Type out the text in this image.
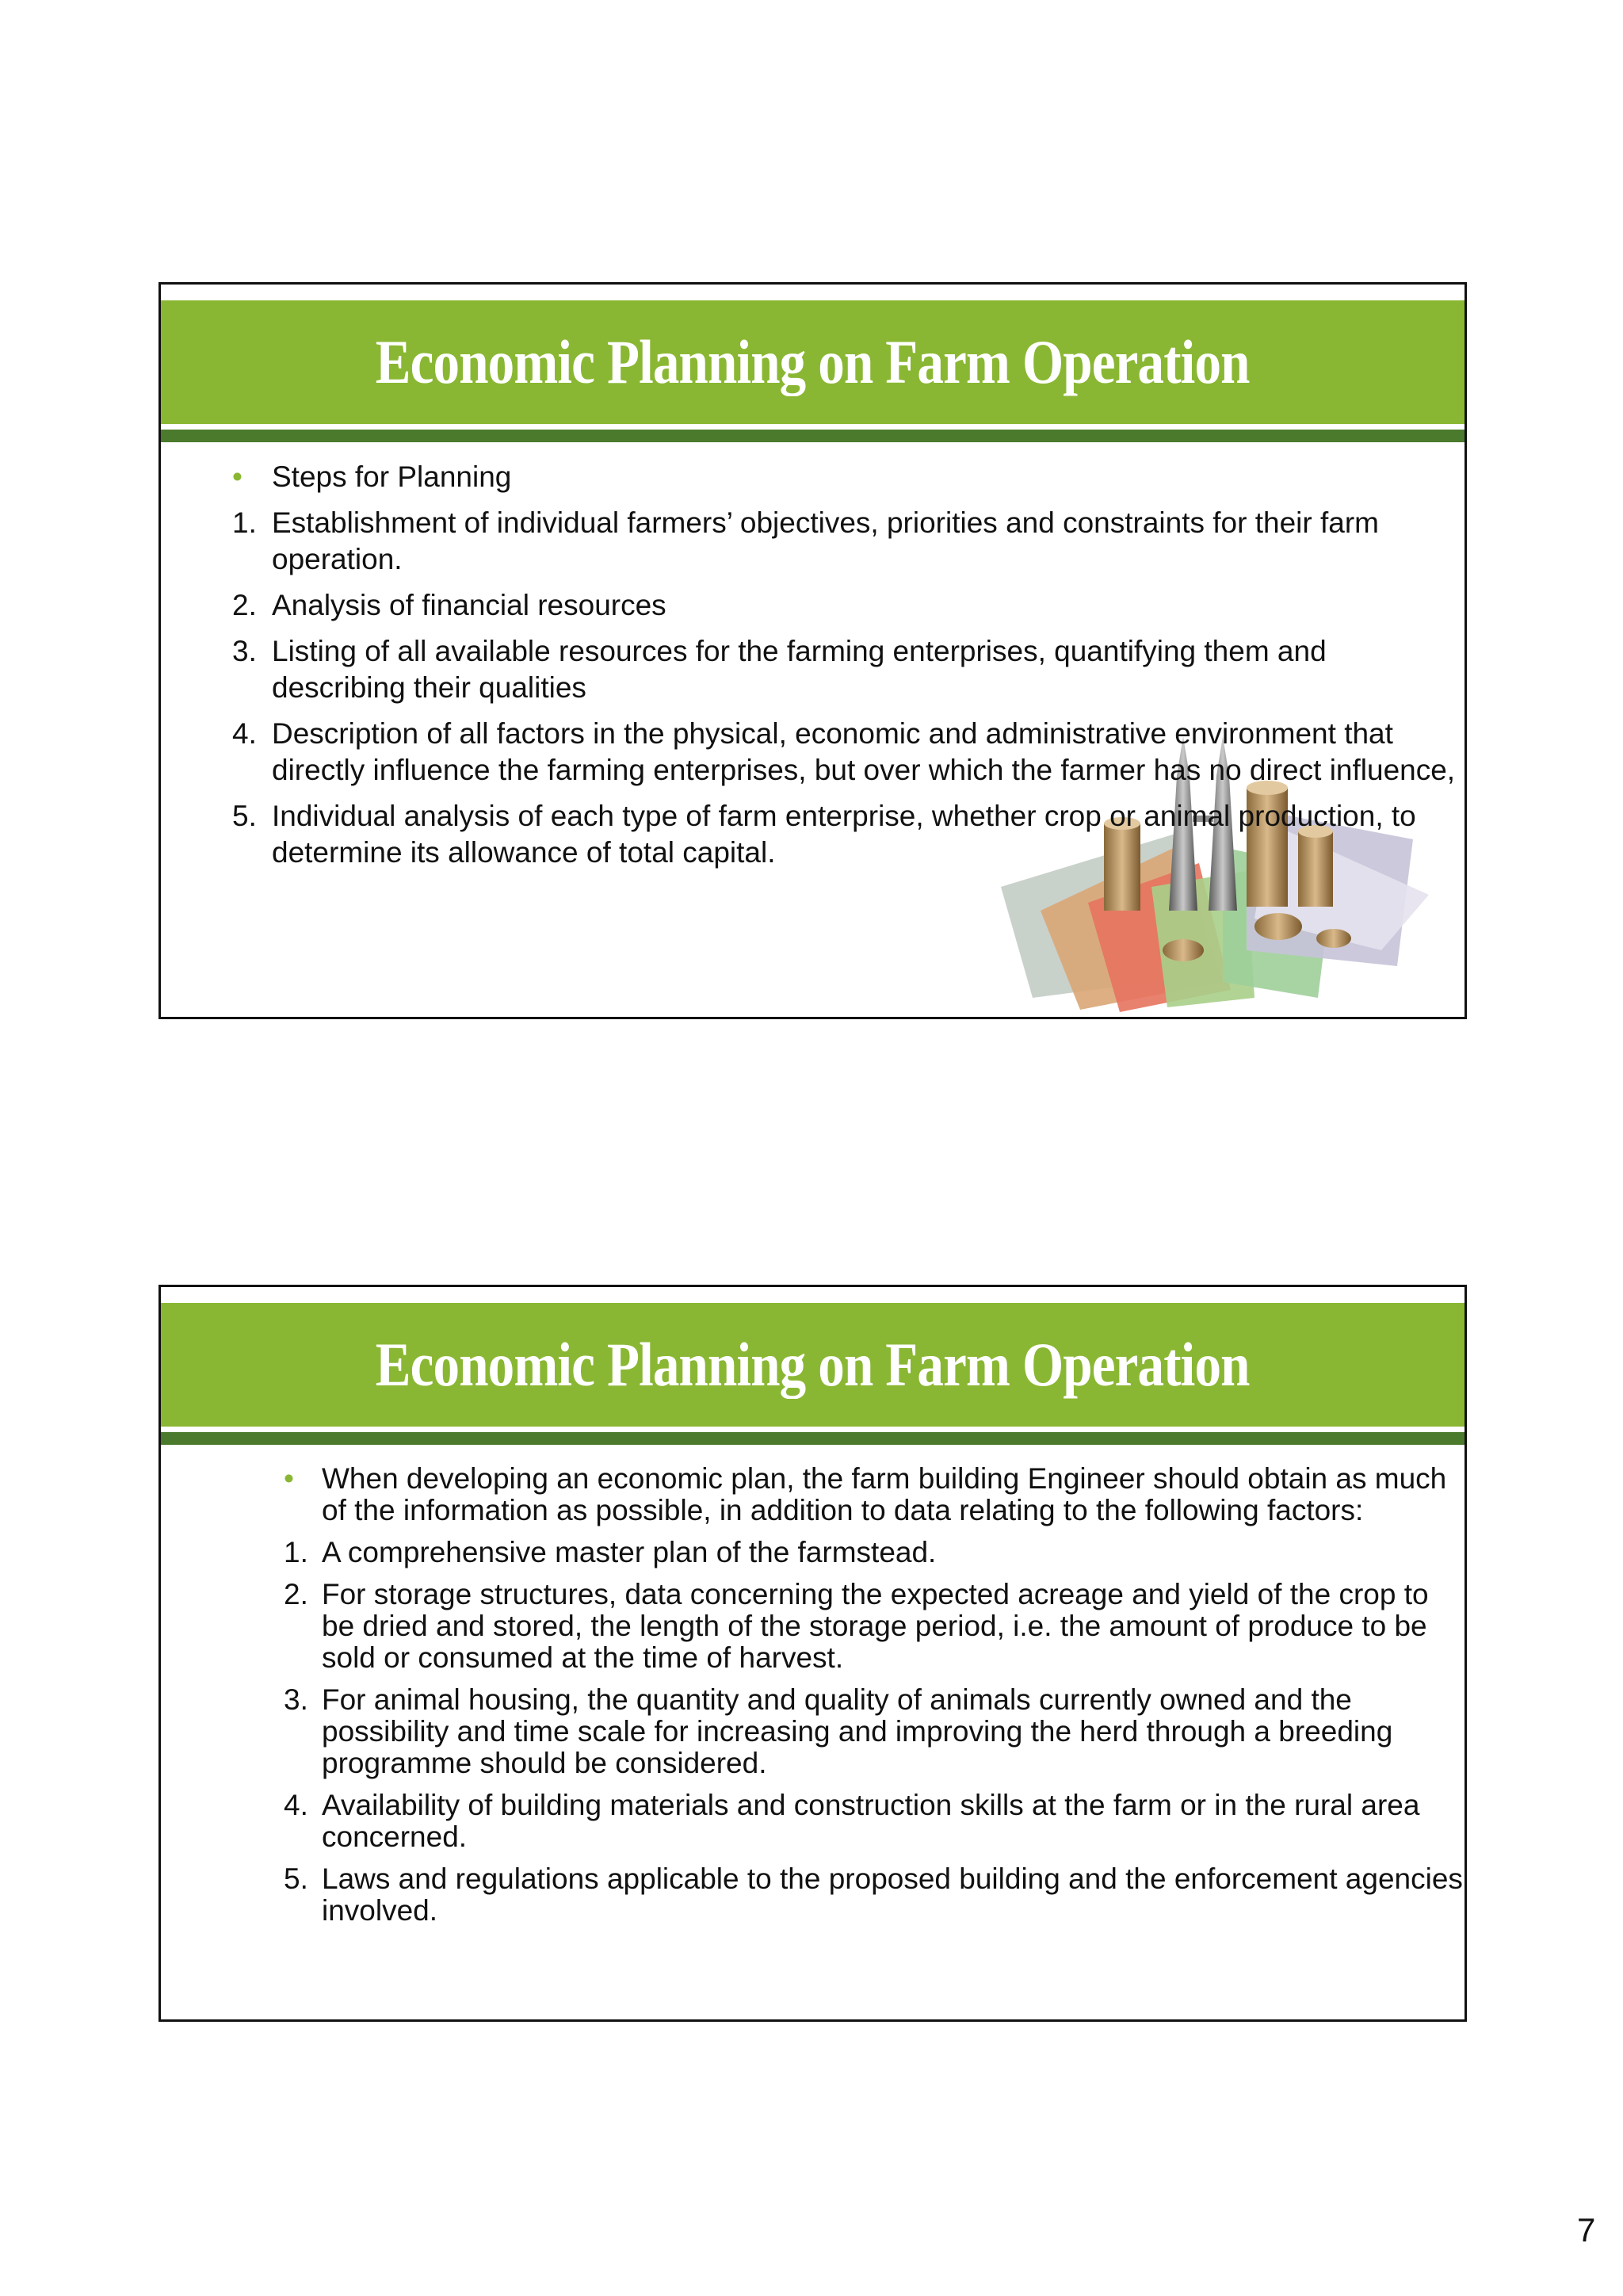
Economic Planning on Farm Operation

• Steps for Planning

1. Establishment of individual farmers’ objectives, priorities and constraints for their farm operation.

2. Analysis of financial resources

3. Listing of all available resources for the farming enterprises, quantifying them and describing their qualities

4. Description of all factors in the physical, economic and administrative environment that directly influence the farming enterprises, but over which the farmer has no direct influence,

5. Individual analysis of each type of farm enterprise, whether crop or animal production, to determine its allowance of total capital.

Economic Planning on Farm Operation

• When developing an economic plan, the farm building Engineer should obtain as much of the information as possible, in addition to data relating to the following factors:

1. A comprehensive master plan of the farmstead.

2. For storage structures, data concerning the expected acreage and yield of the crop to be dried and stored, the length of the storage period, i.e. the amount of produce to be sold or consumed at the time of harvest.

3. For animal housing, the quantity and quality of animals currently owned and the possibility and time scale for increasing and improving the herd through a breeding programme should be considered.

4. Availability of building materials and construction skills at the farm or in the rural area concerned.

5. Laws and regulations applicable to the proposed building and the enforcement agencies involved.

7
